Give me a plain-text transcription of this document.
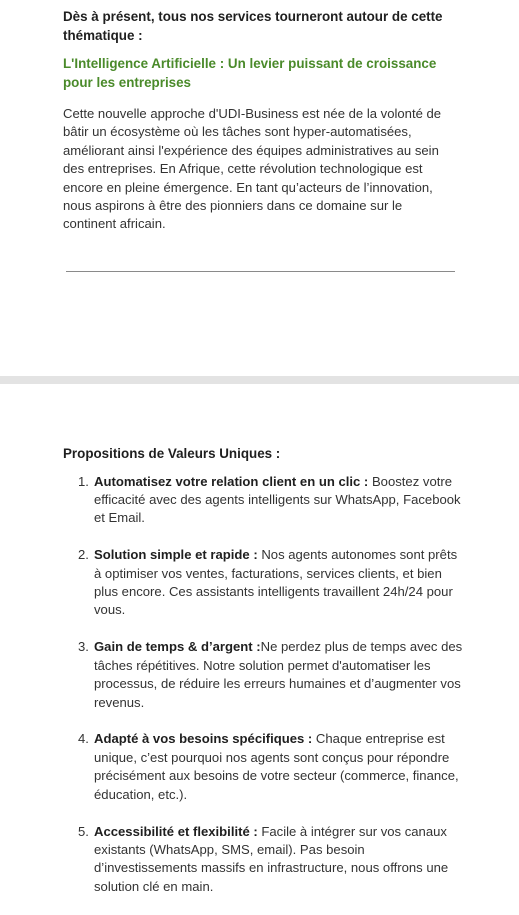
Dès à présent, tous nos services tourneront autour de cette thématique :

L'Intelligence Artificielle : Un levier puissant de croissance pour les entreprises

Cette nouvelle approche d'UDI-Business est née de la volonté de bâtir un écosystème où les tâches sont hyper-automatisées, améliorant ainsi l'expérience des équipes administratives au sein des entreprises. En Afrique, cette révolution technologique est encore en pleine émergence. En tant qu’acteurs de l’innovation, nous aspirons à être des pionniers dans ce domaine sur le continent africain.

Propositions de Valeurs Uniques :

1. Automatisez votre relation client en un clic : Boostez votre efficacité avec des agents intelligents sur WhatsApp, Facebook et Email.
2. Solution simple et rapide : Nos agents autonomes sont prêts à optimiser vos ventes, facturations, services clients, et bien plus encore. Ces assistants intelligents travaillent 24h/24 pour vous.
3. Gain de temps & d’argent :Ne perdez plus de temps avec des tâches répétitives. Notre solution permet d'automatiser les processus, de réduire les erreurs humaines et d’augmenter vos revenus.
4. Adapté à vos besoins spécifiques : Chaque entreprise est unique, c’est pourquoi nos agents sont conçus pour répondre précisément aux besoins de votre secteur (commerce, finance, éducation, etc.).
5. Accessibilité et flexibilité : Facile à intégrer sur vos canaux existants (WhatsApp, SMS, email). Pas besoin d’investissements massifs en infrastructure, nous offrons une solution clé en main.
